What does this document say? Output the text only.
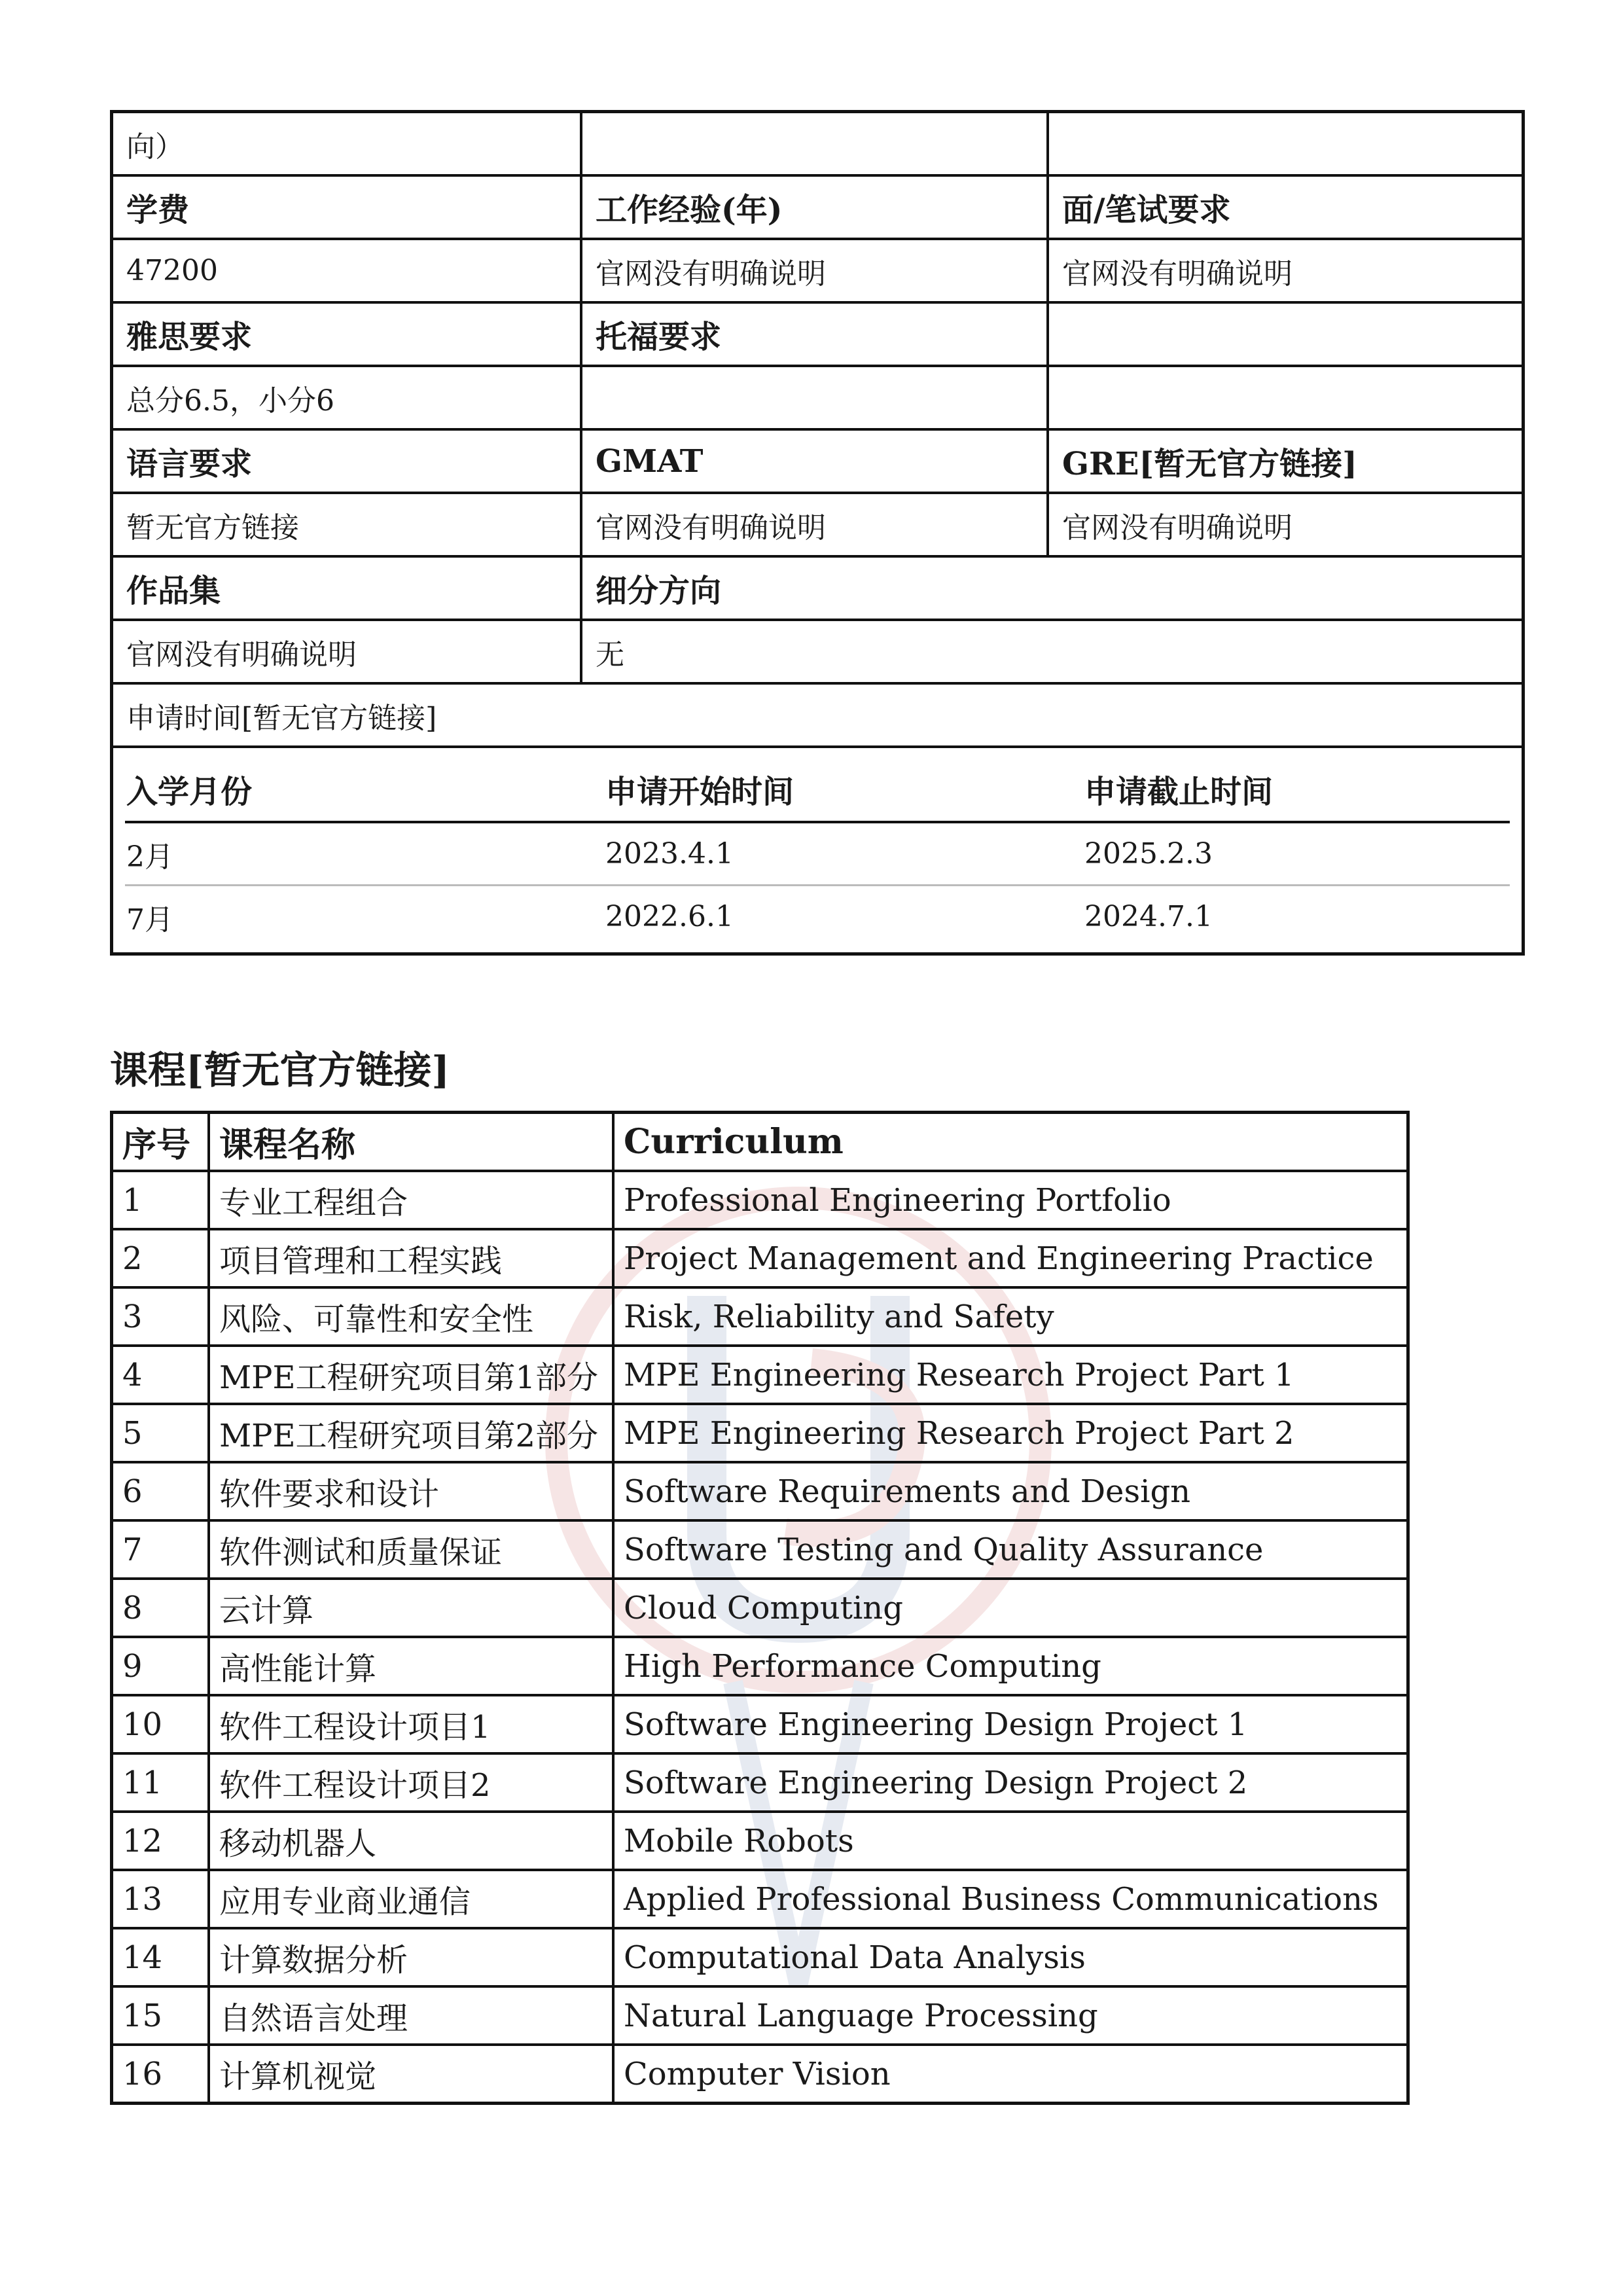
向）
学费	工作经验(年)	面/笔试要求
47200	官网没有明确说明	官网没有明确说明
雅思要求	托福要求
总分6.5，小分6
语言要求	GMAT	GRE[暂无官方链接]
暂无官方链接	官网没有明确说明	官网没有明确说明
作品集	细分方向
官网没有明确说明	无
申请时间[暂无官方链接]
入学月份	申请开始时间	申请截止时间
2月	2023.4.1	2025.2.3
7月	2022.6.1	2024.7.1
课程[暂无官方链接]
序号	课程名称	Curriculum
1	专业工程组合	Professional Engineering Portfolio
2	项目管理和工程实践	Project Management and Engineering Practice
3	风险、可靠性和安全性	Risk, Reliability and Safety
4	MPE工程研究项目第1部分	MPE Engineering Research Project Part 1
5	MPE工程研究项目第2部分	MPE Engineering Research Project Part 2
6	软件要求和设计	Software Requirements and Design
7	软件测试和质量保证	Software Testing and Quality Assurance
8	云计算	Cloud Computing
9	高性能计算	High Performance Computing
10	软件工程设计项目1	Software Engineering Design Project 1
11	软件工程设计项目2	Software Engineering Design Project 2
12	移动机器人	Mobile Robots
13	应用专业商业通信	Applied Professional Business Communications
14	计算数据分析	Computational Data Analysis
15	自然语言处理	Natural Language Processing
16	计算机视觉	Computer Vision
